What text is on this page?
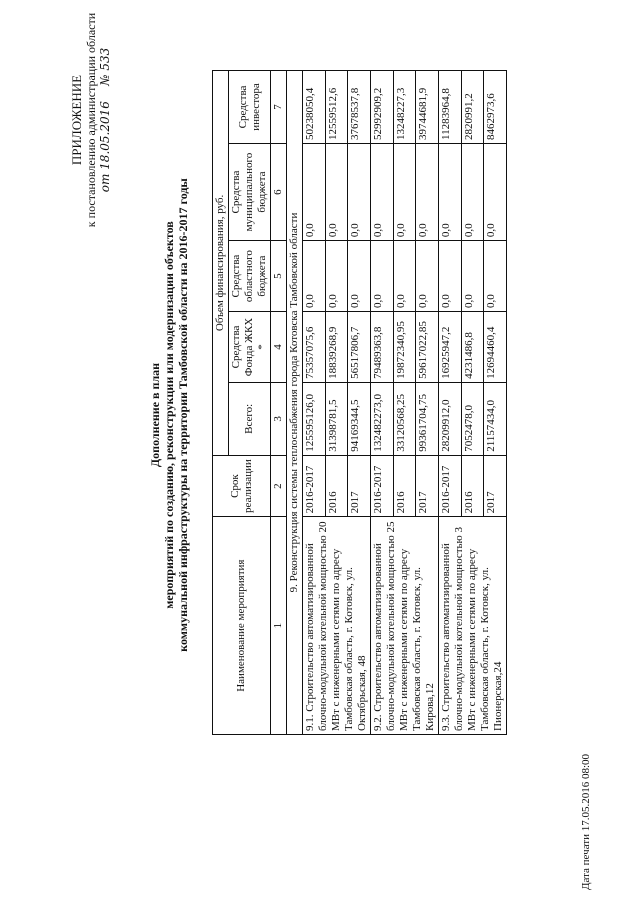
ПРИЛОЖЕНИЕ к постановлению администрации области от 18.05.2016    № 533
Дополнение в план мероприятий по созданию, реконструкции или модернизации объектов коммунальной инфраструктуры на территории Тамбовской области на 2016-2017 годы	Наименование мероприятия	Срок реализации	Объем финансирования, руб.				
		Всего:	Средства Фонда ЖКХ *	Средства областного бюджета	Средства муниципального бюджета	Средства инвестора
1	2	3	4	5	6	7
9. Реконструкция системы теплоснабжения города Котовска Тамбовской области						
9.1. Строительство автоматизированной блочно-модульной котельной мощностью 20 МВт с инженерными сетями по адресу Тамбовская область, г. Котовск, ул. Октябрьская, 48	2016-2017	125595126,0	75357075,6	0,0	0,0	50238050,4
	2016	31398781,5	18839268,9	0,0	0,0	12559512,6
	2017	94169344,5	56517806,7	0,0	0,0	37678537,8
9.2. Строительство автоматизированной блочно-модульной котельной мощностью 25 МВт с инженерными сетями по адресу Тамбовская область, г. Котовск, ул. Кирова,12	2016-2017	132482273,0	79489363,8	0,0	0,0	52992909,2
	2016	33120568,25	19872340,95	0,0	0,0	13248227,3
	2017	99361704,75	59617022,85	0,0	0,0	39744681,9
9.3. Строительство автоматизированной блочно-модульной котельной мощностью 3 МВт с инженерными сетями по адресу Тамбовская область, г. Котовск, ул. Пионерская,24	2016-2017	28209912,0	16925947,2	0,0	0,0	11283964,8
	2016	7052478,0	4231486,8	0,0	0,0	2820991,2
	2017	21157434,0	12694460,4	0,0	0,0	8462973,6
Дата печати 17.05.2016 08:00
